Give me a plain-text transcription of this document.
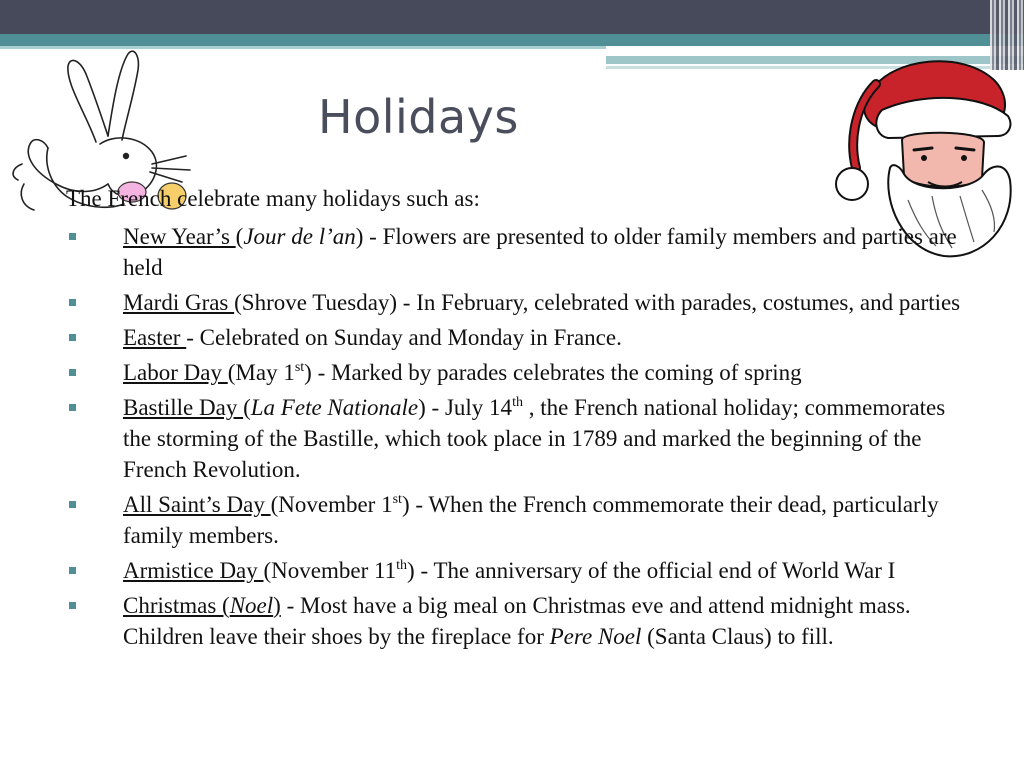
Holidays
The French celebrate many holidays such as:
New Year’s (Jour de l’an) - Flowers are presented to older family members and parties are held
Mardi Gras (Shrove Tuesday) - In February, celebrated with parades, costumes, and parties
Easter - Celebrated on Sunday and Monday in France.
Labor Day (May 1st) - Marked by parades celebrates the coming of spring
Bastille Day (La Fete Nationale) - July 14th , the French national holiday; commemorates the storming of the Bastille, which took place in 1789 and marked the beginning of the French Revolution.
All Saint’s Day (November 1st) - When the French commemorate their dead, particularly family members.
Armistice Day (November 11th) - The anniversary of the official end of World War I
Christmas (Noel) - Most have a big meal on Christmas eve and attend midnight mass. Children leave their shoes by the fireplace for Pere Noel (Santa Claus) to fill.
